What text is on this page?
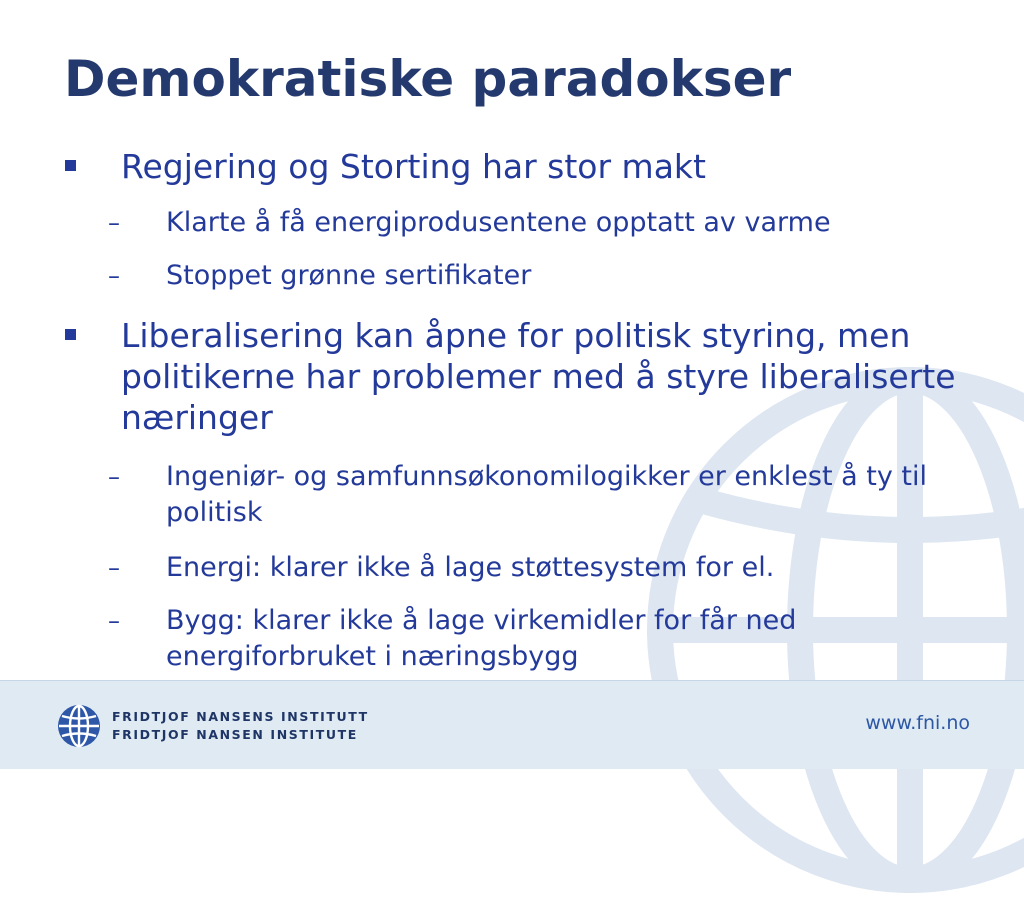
Demokratiske paradokser
Regjering og Storting har stor makt
– Klarte å få energiprodusentene opptatt av varme
– Stoppet grønne sertifikater
Liberalisering kan åpne for politisk styring, men politikerne har problemer med å styre liberaliserte næringer
– Ingeniør- og samfunnsøkonomilogikker er enklest å ty til politisk
– Energi: klarer ikke å lage støttesystem for el.
– Bygg: klarer ikke å lage virkemidler for får ned energiforbruket i næringsbygg
FRIDTJOF NANSENS INSTITUTT
FRIDTJOF NANSEN INSTITUTE
www.fni.no
